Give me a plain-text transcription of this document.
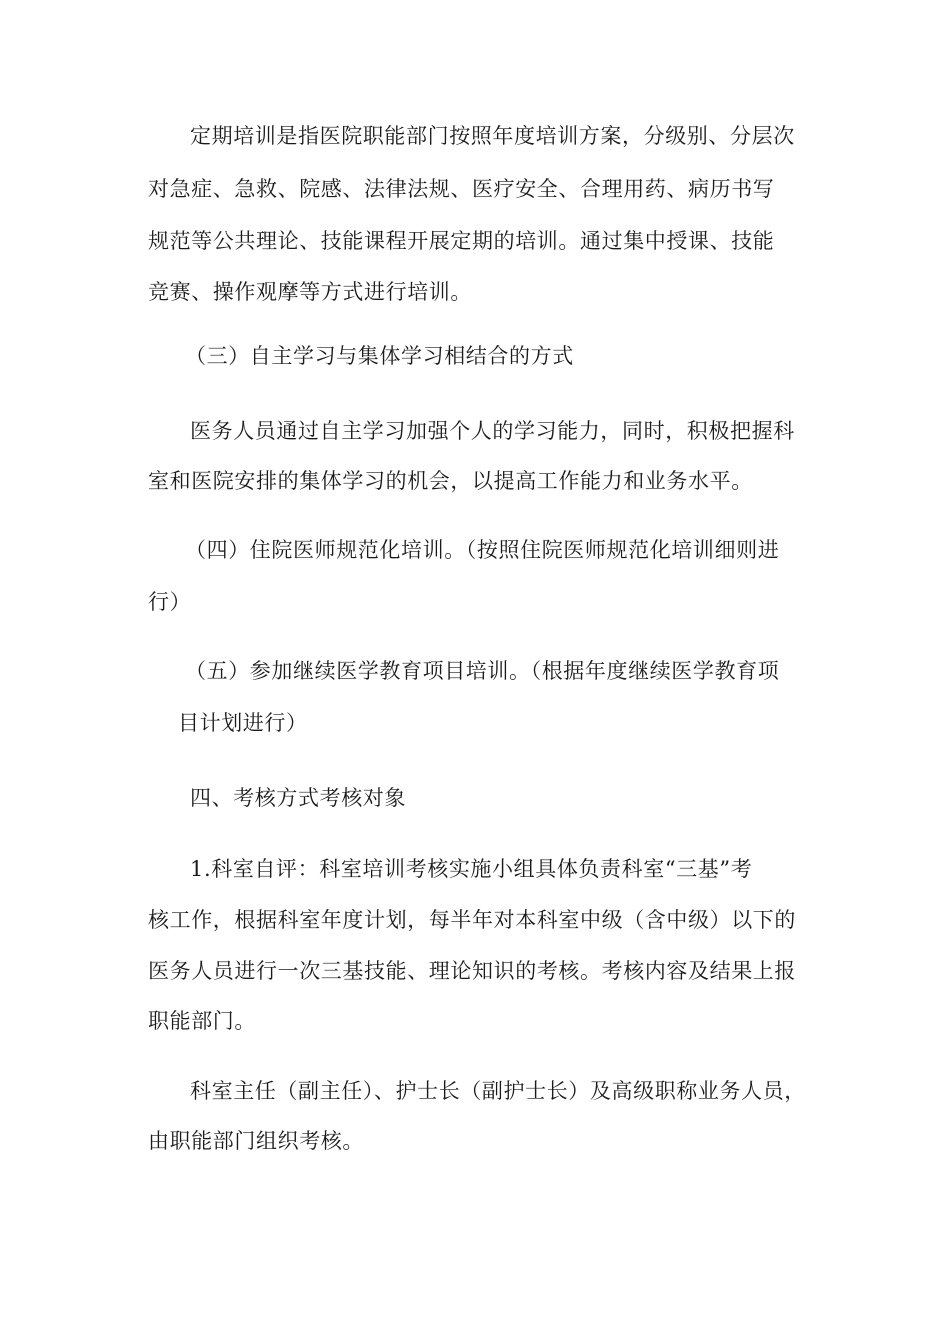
定期培训是指医院职能部门按照年度培训方案，分级别、分层次
对急症、急救、院感、法律法规、医疗安全、合理用药、病历书写
规范等公共理论、技能课程开展定期的培训。通过集中授课、技能
竞赛、操作观摩等方式进行培训。
（三）自主学习与集体学习相结合的方式
医务人员通过自主学习加强个人的学习能力，同时，积极把握科
室和医院安排的集体学习的机会，以提高工作能力和业务水平。
（四）住院医师规范化培训。（按照住院医师规范化培训细则进
行）
（五）参加继续医学教育项目培训。（根据年度继续医学教育项
目计划进行）
四、考核方式考核对象
1.科室自评：科室培训考核实施小组具体负责科室“三基”考
核工作，根据科室年度计划，每半年对本科室中级（含中级）以下的
医务人员进行一次三基技能、理论知识的考核。考核内容及结果上报
职能部门。
科室主任（副主任）、护士长（副护士长）及高级职称业务人员，
由职能部门组织考核。
